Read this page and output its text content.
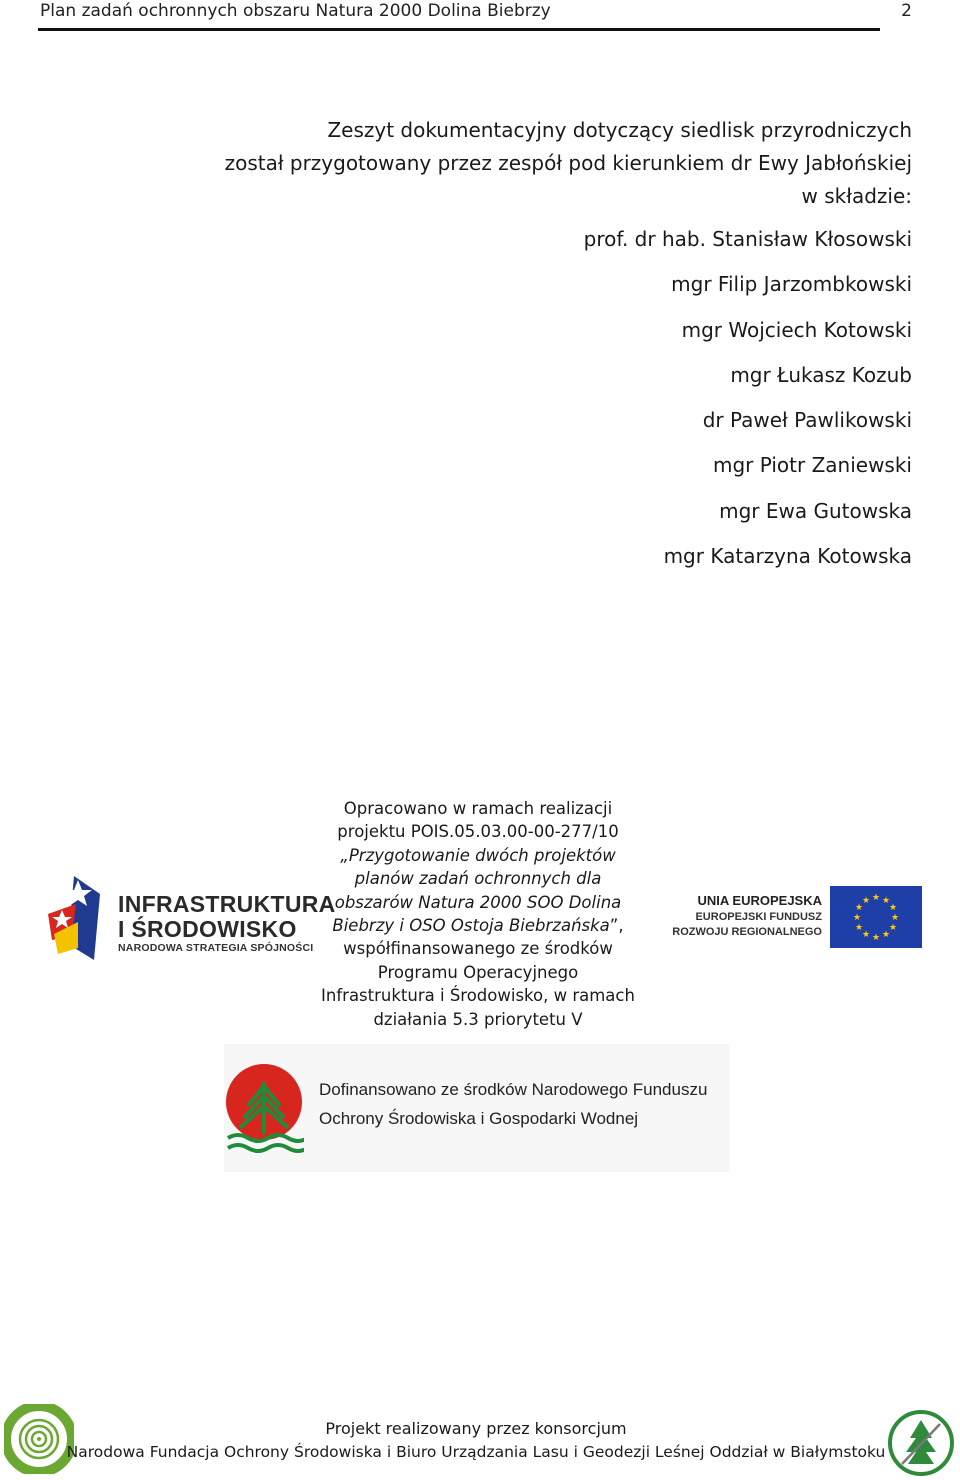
Plan zadań ochronnych obszaru Natura 2000 Dolina Biebrzy	2
Zeszyt dokumentacyjny dotyczący siedlisk przyrodniczych
został przygotowany przez zespół pod kierunkiem dr Ewy Jabłońskiej
w składzie:
prof. dr hab. Stanisław Kłosowski
mgr Filip Jarzombkowski
mgr Wojciech Kotowski
mgr Łukasz Kozub
dr Paweł Pawlikowski
mgr Piotr Zaniewski
mgr Ewa Gutowska
mgr Katarzyna Kotowska
INFRASTRUKTURA
I ŚRODOWISKO
NARODOWA STRATEGIA SPÓJNOŚCI
Opracowano w ramach realizacji
projektu POIS.05.03.00-00-277/10
„Przygotowanie dwóch projektów
planów zadań ochronnych dla
obszarów Natura 2000 SOO Dolina
Biebrzy i OSO Ostoja Biebrzańska”,
współfinansowanego ze środków
Programu Operacyjnego
Infrastruktura i Środowisko, w ramach
działania 5.3 priorytetu V
UNIA EUROPEJSKA
EUROPEJSKI FUNDUSZ
ROZWOJU REGIONALNEGO
★ ★
★
★
★
★
★
★
★
★
★
★
Dofinansowano ze środków Narodowego Funduszu
Ochrony Środowiska i Gospodarki Wodnej
Projekt realizowany przez konsorcjum
Narodowa Fundacja Ochrony Środowiska i Biuro Urządzania Lasu i Geodezji Leśnej Oddział w Białymstoku
